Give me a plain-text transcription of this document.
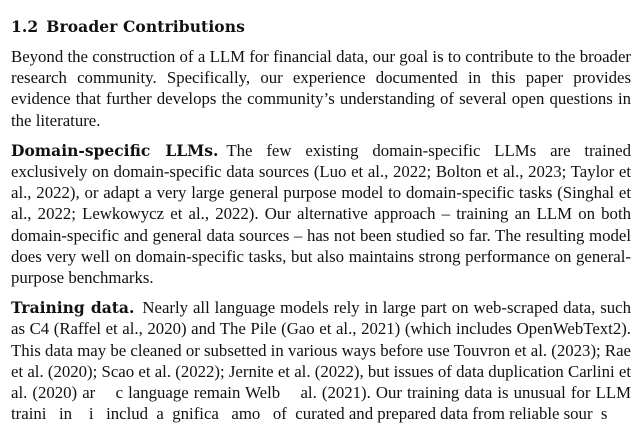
1.2 Broader Contributions

Beyond the construction of a LLM for financial data, our goal is to contribute to the broader research community. Specifically, our experience documented in this paper provides evidence that further develops the community’s understanding of several open questions in the literature.

Domain-specific LLMs. The few existing domain-specific LLMs are trained exclusively on domain-specific data sources (Luo et al., 2022; Bolton et al., 2023; Taylor et al., 2022), or adapt a very large general purpose model to domain-specific tasks (Singhal et al., 2022; Lewkowycz et al., 2022). Our alternative approach – training an LLM on both domain-specific and general data sources – has not been studied so far. The resulting model does very well on domain-specific tasks, but also maintains strong performance on general-purpose benchmarks.

Training data. Nearly all language models rely in large part on web-scraped data, such as C4 (Raffel et al., 2020) and The Pile (Gao et al., 2021) (which includes OpenWebText2). This data may be cleaned or subsetted in various ways before use Touvron et al. (2023); Rae et al. (2020); Scao et al. (2022); Jernite et al. (2022), but issues of data duplication Carlini et al. (2020) ar    c language remain Welb    al. (2021). Our training data is unusual for LLM traini   in    i   includ  a  gnifica   amo   of  curated and prepared data from reliable sour  s
